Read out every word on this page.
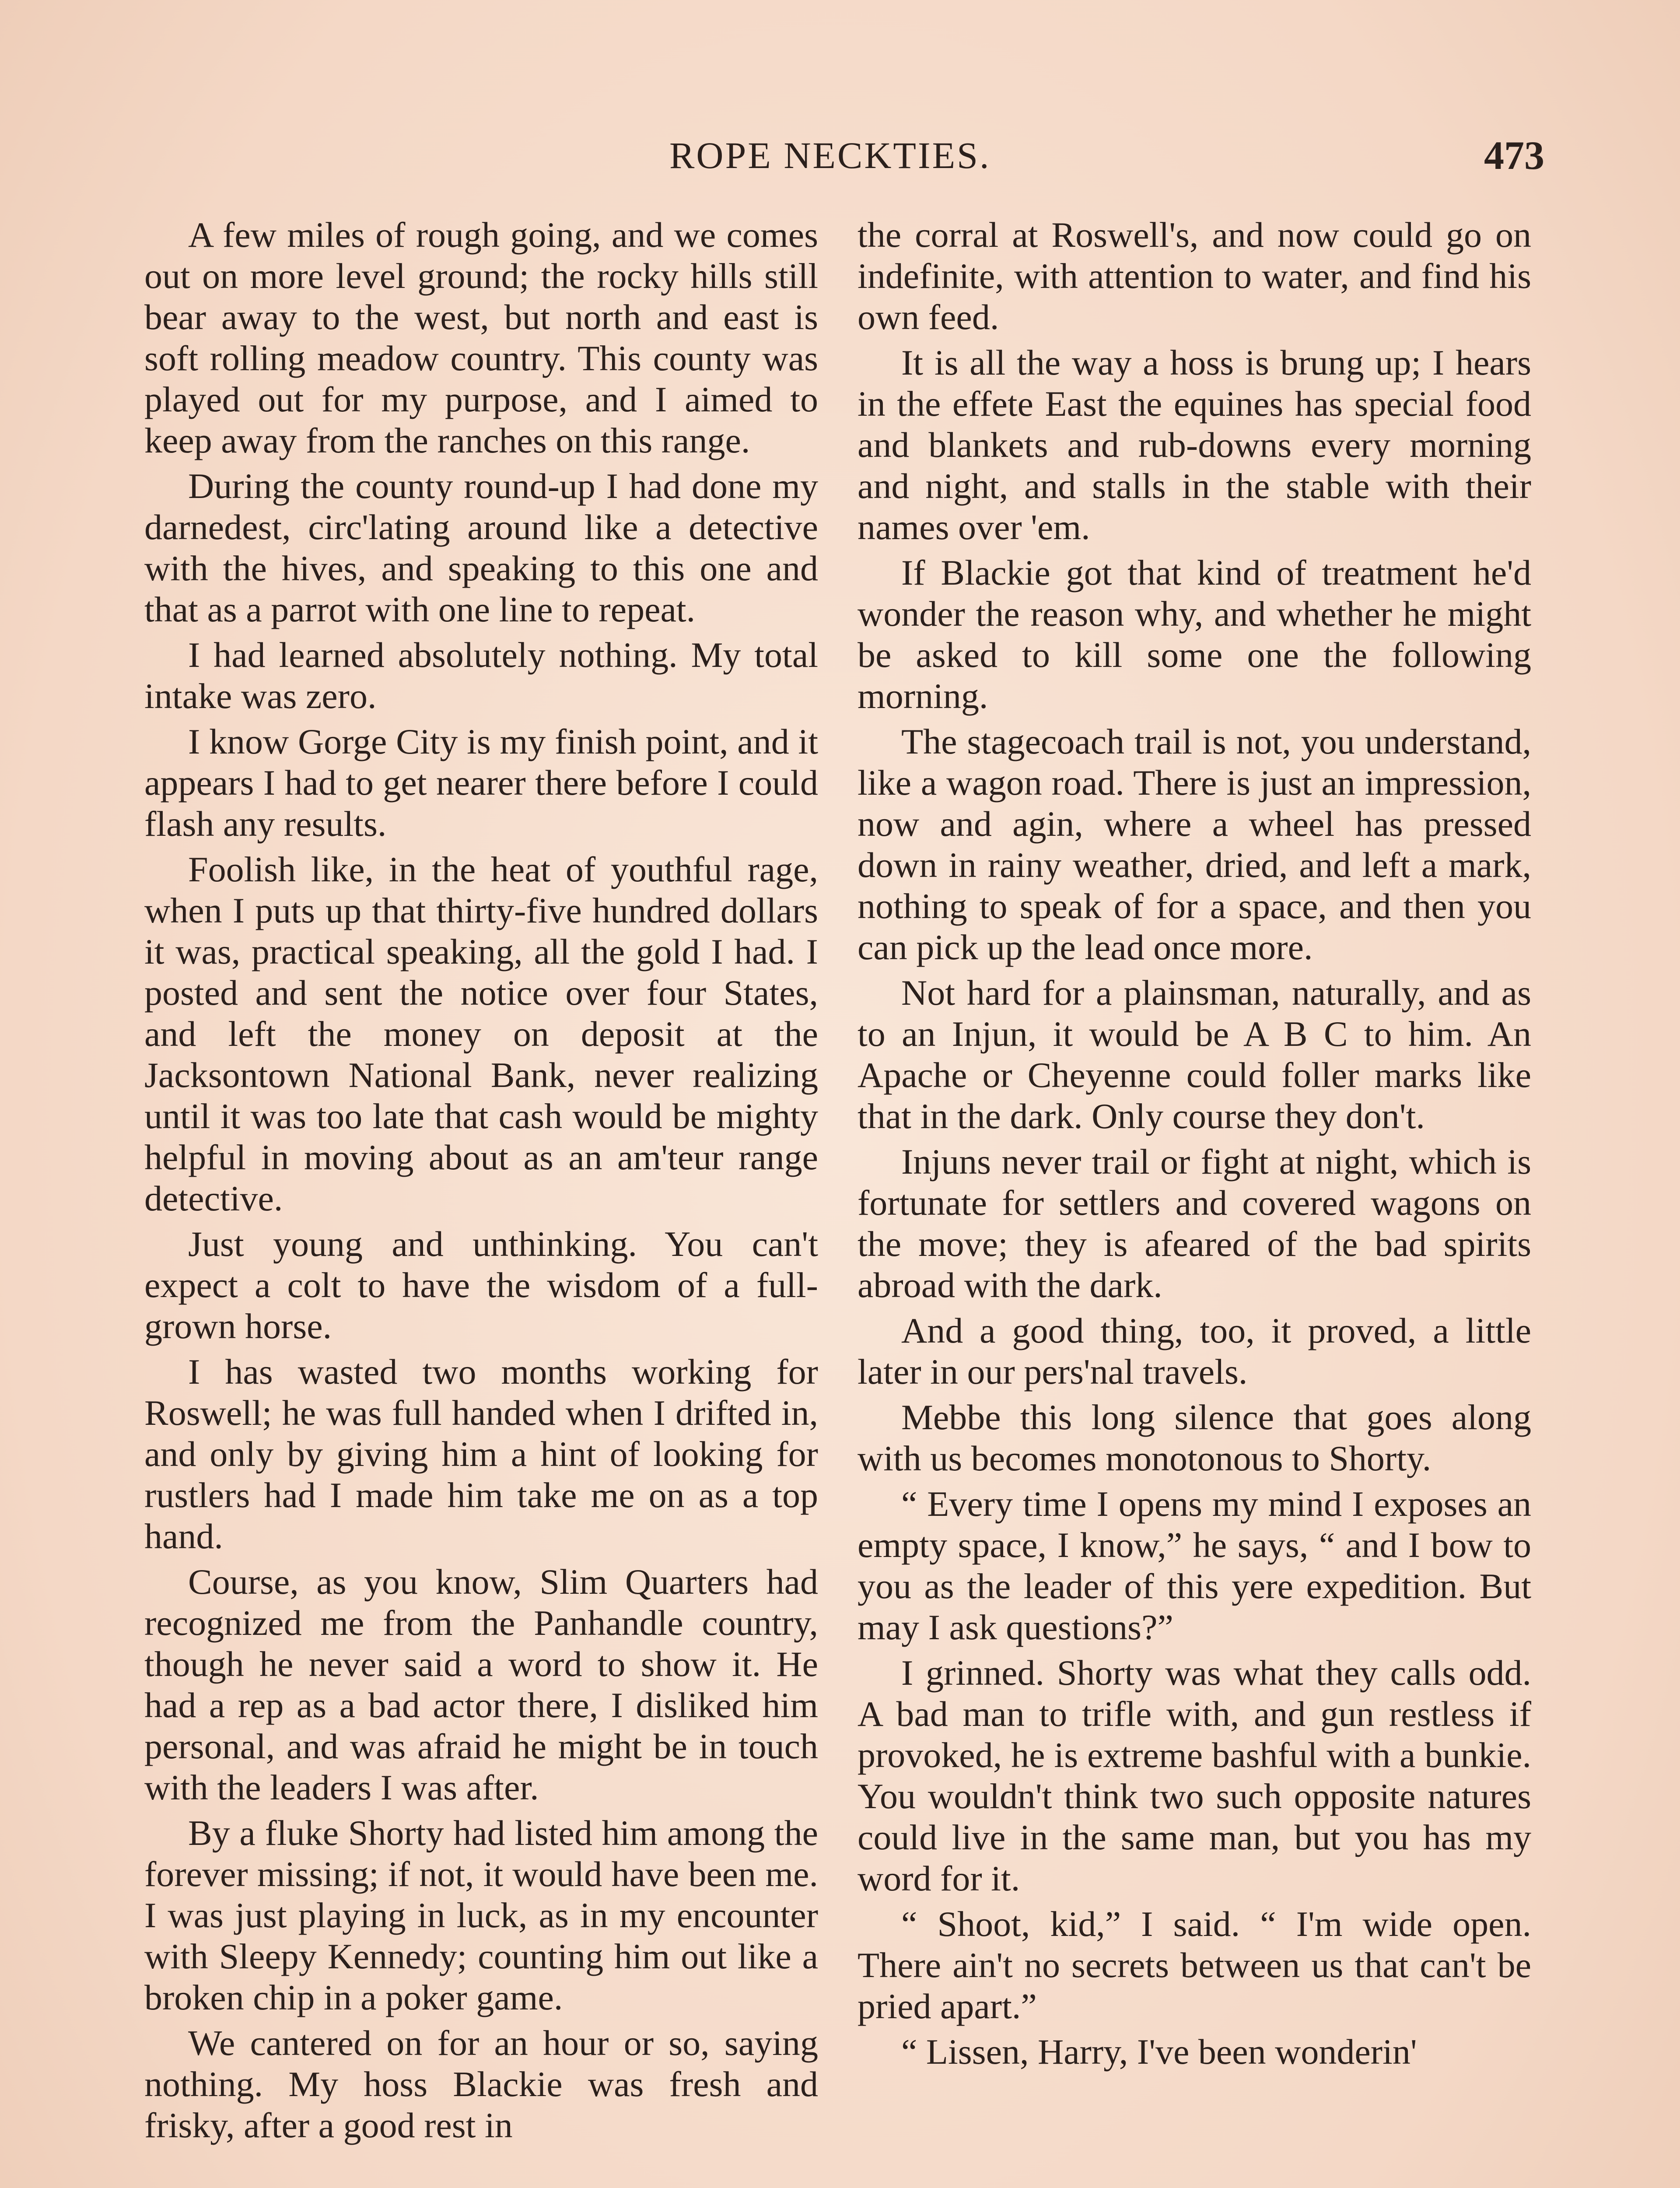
ROPE NECKTIES.	473

A few miles of rough going, and we comes out on more level ground; the rocky hills still bear away to the west, but north and east is soft rolling meadow country. This county was played out for my purpose, and I aimed to keep away from the ranches on this range.

During the county round-up I had done my darnedest, circ'lating around like a detective with the hives, and speaking to this one and that as a parrot with one line to repeat.

I had learned absolutely nothing. My total intake was zero.

I know Gorge City is my finish point, and it appears I had to get nearer there before I could flash any results.

Foolish like, in the heat of youthful rage, when I puts up that thirty-five hundred dollars it was, practical speaking, all the gold I had. I posted and sent the notice over four States, and left the money on deposit at the Jacksontown National Bank, never realizing until it was too late that cash would be mighty helpful in moving about as an am'teur range detective.

Just young and unthinking. You can't expect a colt to have the wisdom of a full-grown horse.

I has wasted two months working for Roswell; he was full handed when I drifted in, and only by giving him a hint of looking for rustlers had I made him take me on as a top hand.

Course, as you know, Slim Quarters had recognized me from the Panhandle country, though he never said a word to show it. He had a rep as a bad actor there, I disliked him personal, and was afraid he might be in touch with the leaders I was after.

By a fluke Shorty had listed him among the forever missing; if not, it would have been me. I was just playing in luck, as in my encounter with Sleepy Kennedy; counting him out like a broken chip in a poker game.

We cantered on for an hour or so, saying nothing. My hoss Blackie was fresh and frisky, after a good rest in

the corral at Roswell's, and now could go on indefinite, with attention to water, and find his own feed.

It is all the way a hoss is brung up; I hears in the effete East the equines has special food and blankets and rub-downs every morning and night, and stalls in the stable with their names over 'em.

If Blackie got that kind of treatment he'd wonder the reason why, and whether he might be asked to kill some one the following morning.

The stagecoach trail is not, you understand, like a wagon road. There is just an impression, now and agin, where a wheel has pressed down in rainy weather, dried, and left a mark, nothing to speak of for a space, and then you can pick up the lead once more.

Not hard for a plainsman, naturally, and as to an Injun, it would be A B C to him. An Apache or Cheyenne could foller marks like that in the dark. Only course they don't.

Injuns never trail or fight at night, which is fortunate for settlers and covered wagons on the move; they is afeared of the bad spirits abroad with the dark.

And a good thing, too, it proved, a little later in our pers'nal travels.

Mebbe this long silence that goes along with us becomes monotonous to Shorty.

“ Every time I opens my mind I exposes an empty space, I know,” he says, “ and I bow to you as the leader of this yere expedition. But may I ask questions?”

I grinned. Shorty was what they calls odd. A bad man to trifle with, and gun restless if provoked, he is extreme bashful with a bunkie. You wouldn't think two such opposite natures could live in the same man, but you has my word for it.

“ Shoot, kid,” I said. “ I'm wide open. There ain't no secrets between us that can't be pried apart.”

“ Lissen, Harry, I've been wonderin'
